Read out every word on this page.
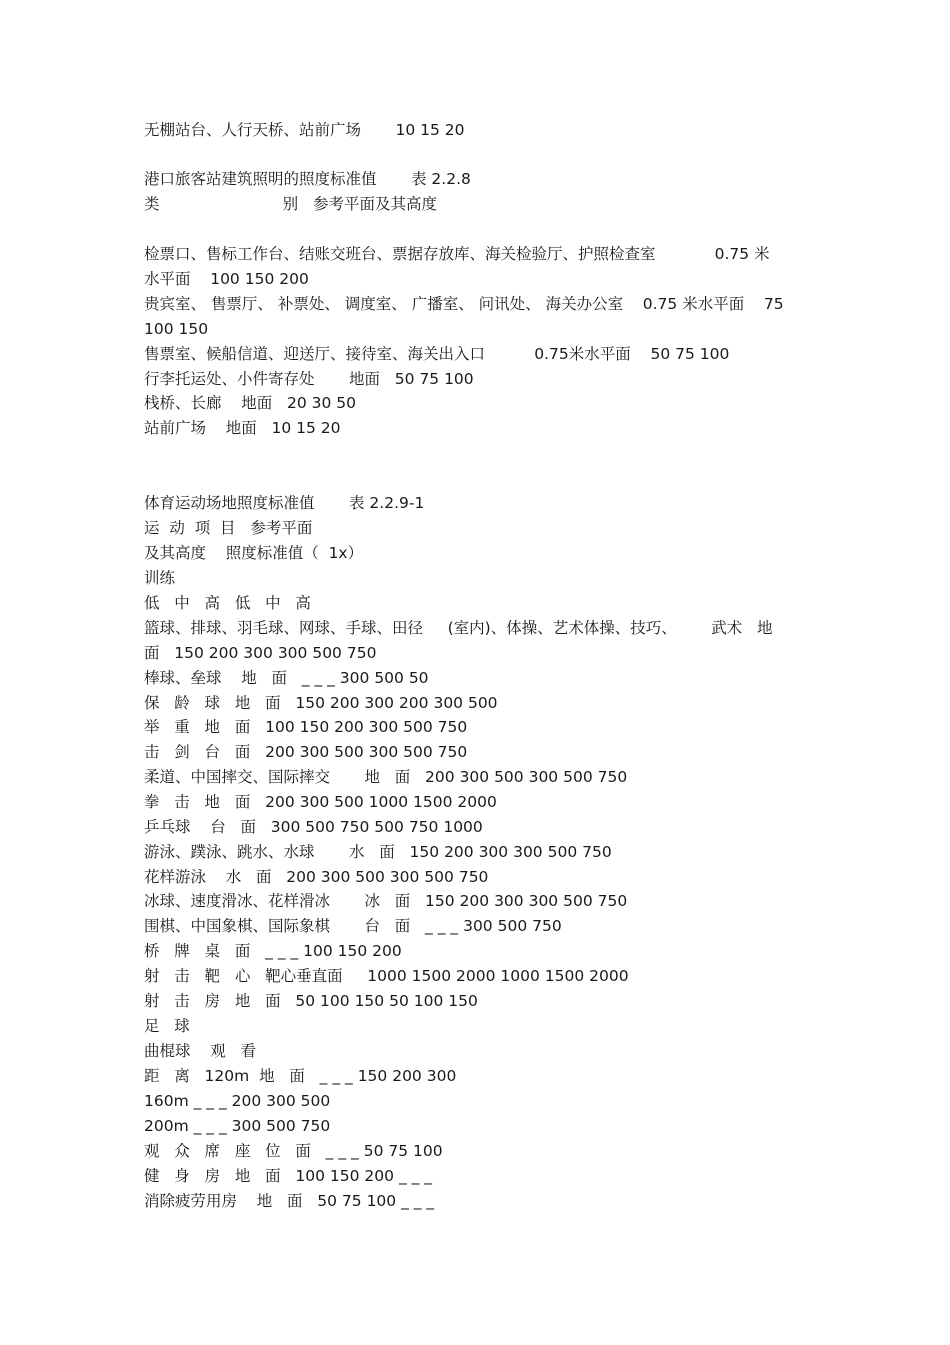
无棚站台、人行天桥、站前广场       10 15 20

港口旅客站建筑照明的照度标准值       表 2.2.8

类                         别   参考平面及其高度

检票口、售标工作台、结账交班台、票据存放库、海关检验厅、护照检查室            0.75 米

水平面    100 150 200

贵宾室、 售票厅、 补票处、 调度室、 广播室、 问讯处、 海关办公室    0.75 米水平面    75

100 150

售票室、候船信道、迎送厅、接待室、海关出入口          0.75米水平面    50 75 100

行李托运处、小件寄存处       地面   50 75 100

栈桥、长廊    地面   20 30 50

站前广场    地面   10 15 20

体育运动场地照度标准值       表 2.2.9-1

运  动  项  目   参考平面

及其高度    照度标准值（  1x）

训练

低   中   高   低   中   高

篮球、排球、羽毛球、网球、手球、田径     (室内)、体操、艺术体操、技巧、       武术   地

面   150 200 300 300 500 750

棒球、垒球    地   面   _ _ _ 300 500 50

保   龄   球   地   面   150 200 300 200 300 500

举   重   地   面   100 150 200 300 500 750

击   剑   台   面   200 300 500 300 500 750

柔道、中国摔交、国际摔交       地   面   200 300 500 300 500 750

拳   击   地   面   200 300 500 1000 1500 2000

乒乓球    台   面   300 500 750 500 750 1000

游泳、蹼泳、跳水、水球       水   面   150 200 300 300 500 750

花样游泳    水   面   200 300 500 300 500 750

冰球、速度滑冰、花样滑冰       冰   面   150 200 300 300 500 750

围棋、中国象棋、国际象棋       台   面   _ _ _ 300 500 750

桥   牌   桌   面   _ _ _ 100 150 200

射   击   靶   心   靶心垂直面     1000 1500 2000 1000 1500 2000

射   击   房   地   面   50 100 150 50 100 150

足   球

曲棍球    观   看

距   离   120m  地   面   _ _ _ 150 200 300

160m _ _ _ 200 300 500

200m _ _ _ 300 500 750

观   众   席   座   位   面   _ _ _ 50 75 100

健   身   房   地   面   100 150 200 _ _ _

消除疲劳用房    地   面   50 75 100 _ _ _
